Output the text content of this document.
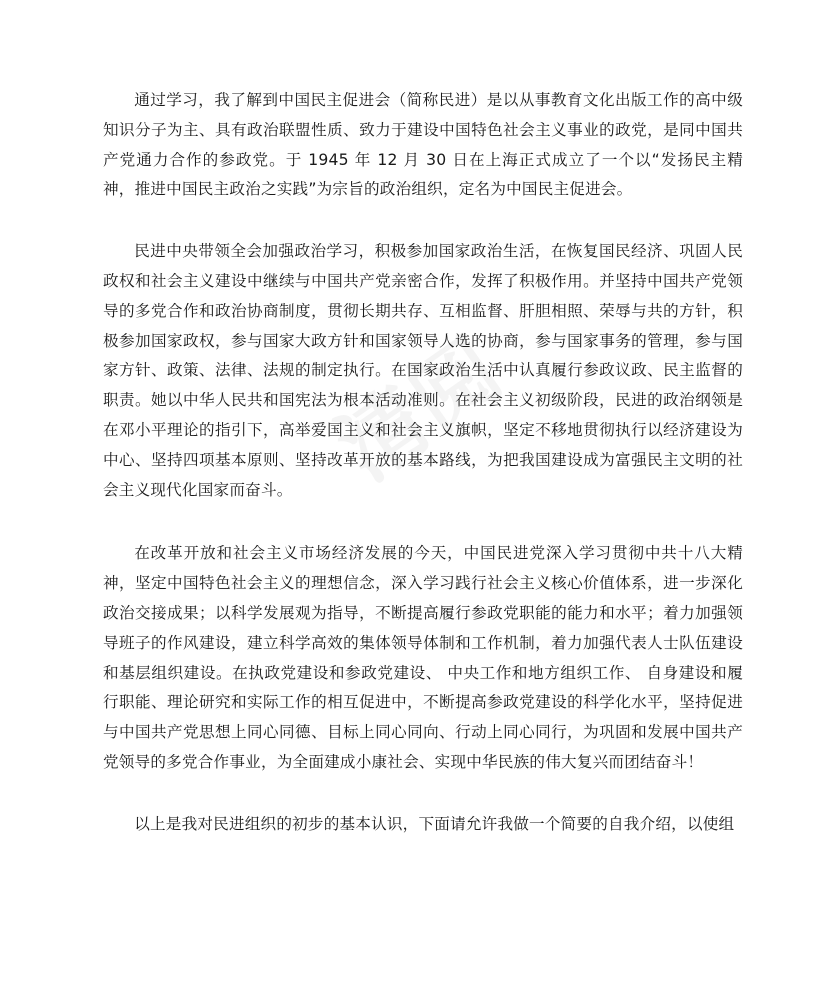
通过学习，我了解到中国民主促进会（简称民进）是以从事教育文化出版工作的高中级知识分子为主、具有政治联盟性质、致力于建设中国特色社会主义事业的政党，是同中国共产党通力合作的参政党。于 1945 年 12 月 30 日在上海正式成立了一个以“发扬民主精神，推进中国民主政治之实践”为宗旨的政治组织，定名为中国民主促进会。

民进中央带领全会加强政治学习，积极参加国家政治生活，在恢复国民经济、巩固人民政权和社会主义建设中继续与中国共产党亲密合作，发挥了积极作用。并坚持中国共产党领导的多党合作和政治协商制度，贯彻长期共存、互相监督、肝胆相照、荣辱与共的方针，积极参加国家政权，参与国家大政方针和国家领导人选的协商，参与国家事务的管理，参与国家方针、政策、法律、法规的制定执行。在国家政治生活中认真履行参政议政、民主监督的职责。她以中华人民共和国宪法为根本活动准则。在社会主义初级阶段，民进的政治纲领是在邓小平理论的指引下，高举爱国主义和社会主义旗帜，坚定不移地贯彻执行以经济建设为中心、坚持四项基本原则、坚持改革开放的基本路线，为把我国建设成为富强民主文明的社会主义现代化国家而奋斗。

在改革开放和社会主义市场经济发展的今天，中国民进党深入学习贯彻中共十八大精神，坚定中国特色社会主义的理想信念，深入学习践行社会主义核心价值体系，进一步深化政治交接成果；以科学发展观为指导，不断提高履行参政党职能的能力和水平；着力加强领导班子的作风建设，建立科学高效的集体领导体制和工作机制，着力加强代表人士队伍建设和基层组织建设。在执政党建设和参政党建设、 中央工作和地方组织工作、 自身建设和履行职能、理论研究和实际工作的相互促进中，不断提高参政党建设的科学化水平，坚持促进与中国共产党思想上同心同德、目标上同心同向、行动上同心同行，为巩固和发展中国共产党领导的多党合作事业，为全面建成小康社会、实现中华民族的伟大复兴而团结奋斗！

以上是我对民进组织的初步的基本认识，下面请允许我做一个简要的自我介绍，以使组
